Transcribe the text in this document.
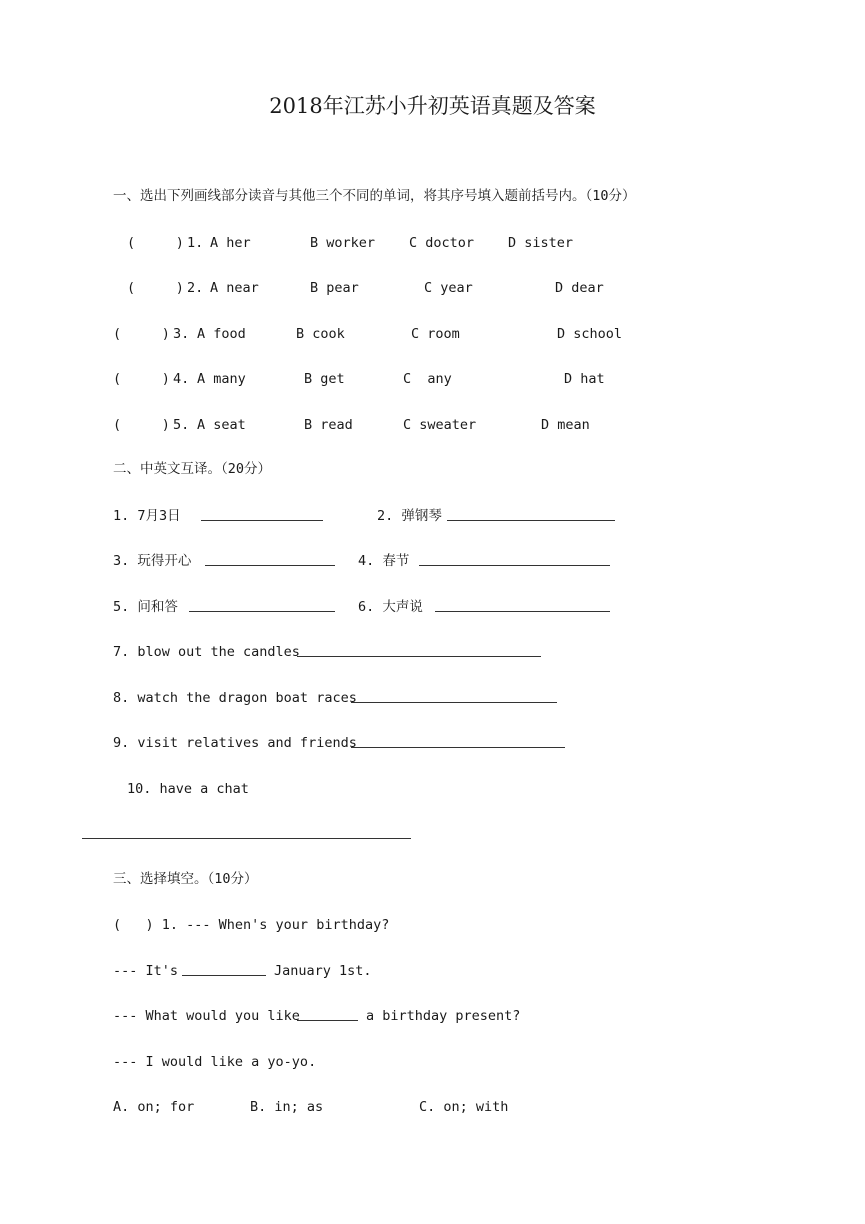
2018年江苏小升初英语真题及答案
一、选出下列画线部分读音与其他三个不同的单词，将其序号填入题前括号内。（10分）
(     ) 1. A her	B worker	C doctor	D sister
(     ) 2. A near	B pear	C year	D dear
(     ) 3. A food	B cook	C room	D school
(     ) 4. A many	B get	C  any	D hat
(     ) 5. A seat	B read	C sweater	D mean
二、中英文互译。（20分）
1. 7月3日	2. 弹钢琴
3. 玩得开心	4. 春节
5. 问和答	6. 大声说
7. blow out the candles
8. watch the dragon boat races
9. visit relatives and friends
10. have a chat
三、选择填空。（10分）
(   ) 1. --- When's your birthday?
--- It's	January 1st.
--- What would you like	a birthday present?
--- I would like a yo-yo.
A. on; for	B. in; as	C. on; with
